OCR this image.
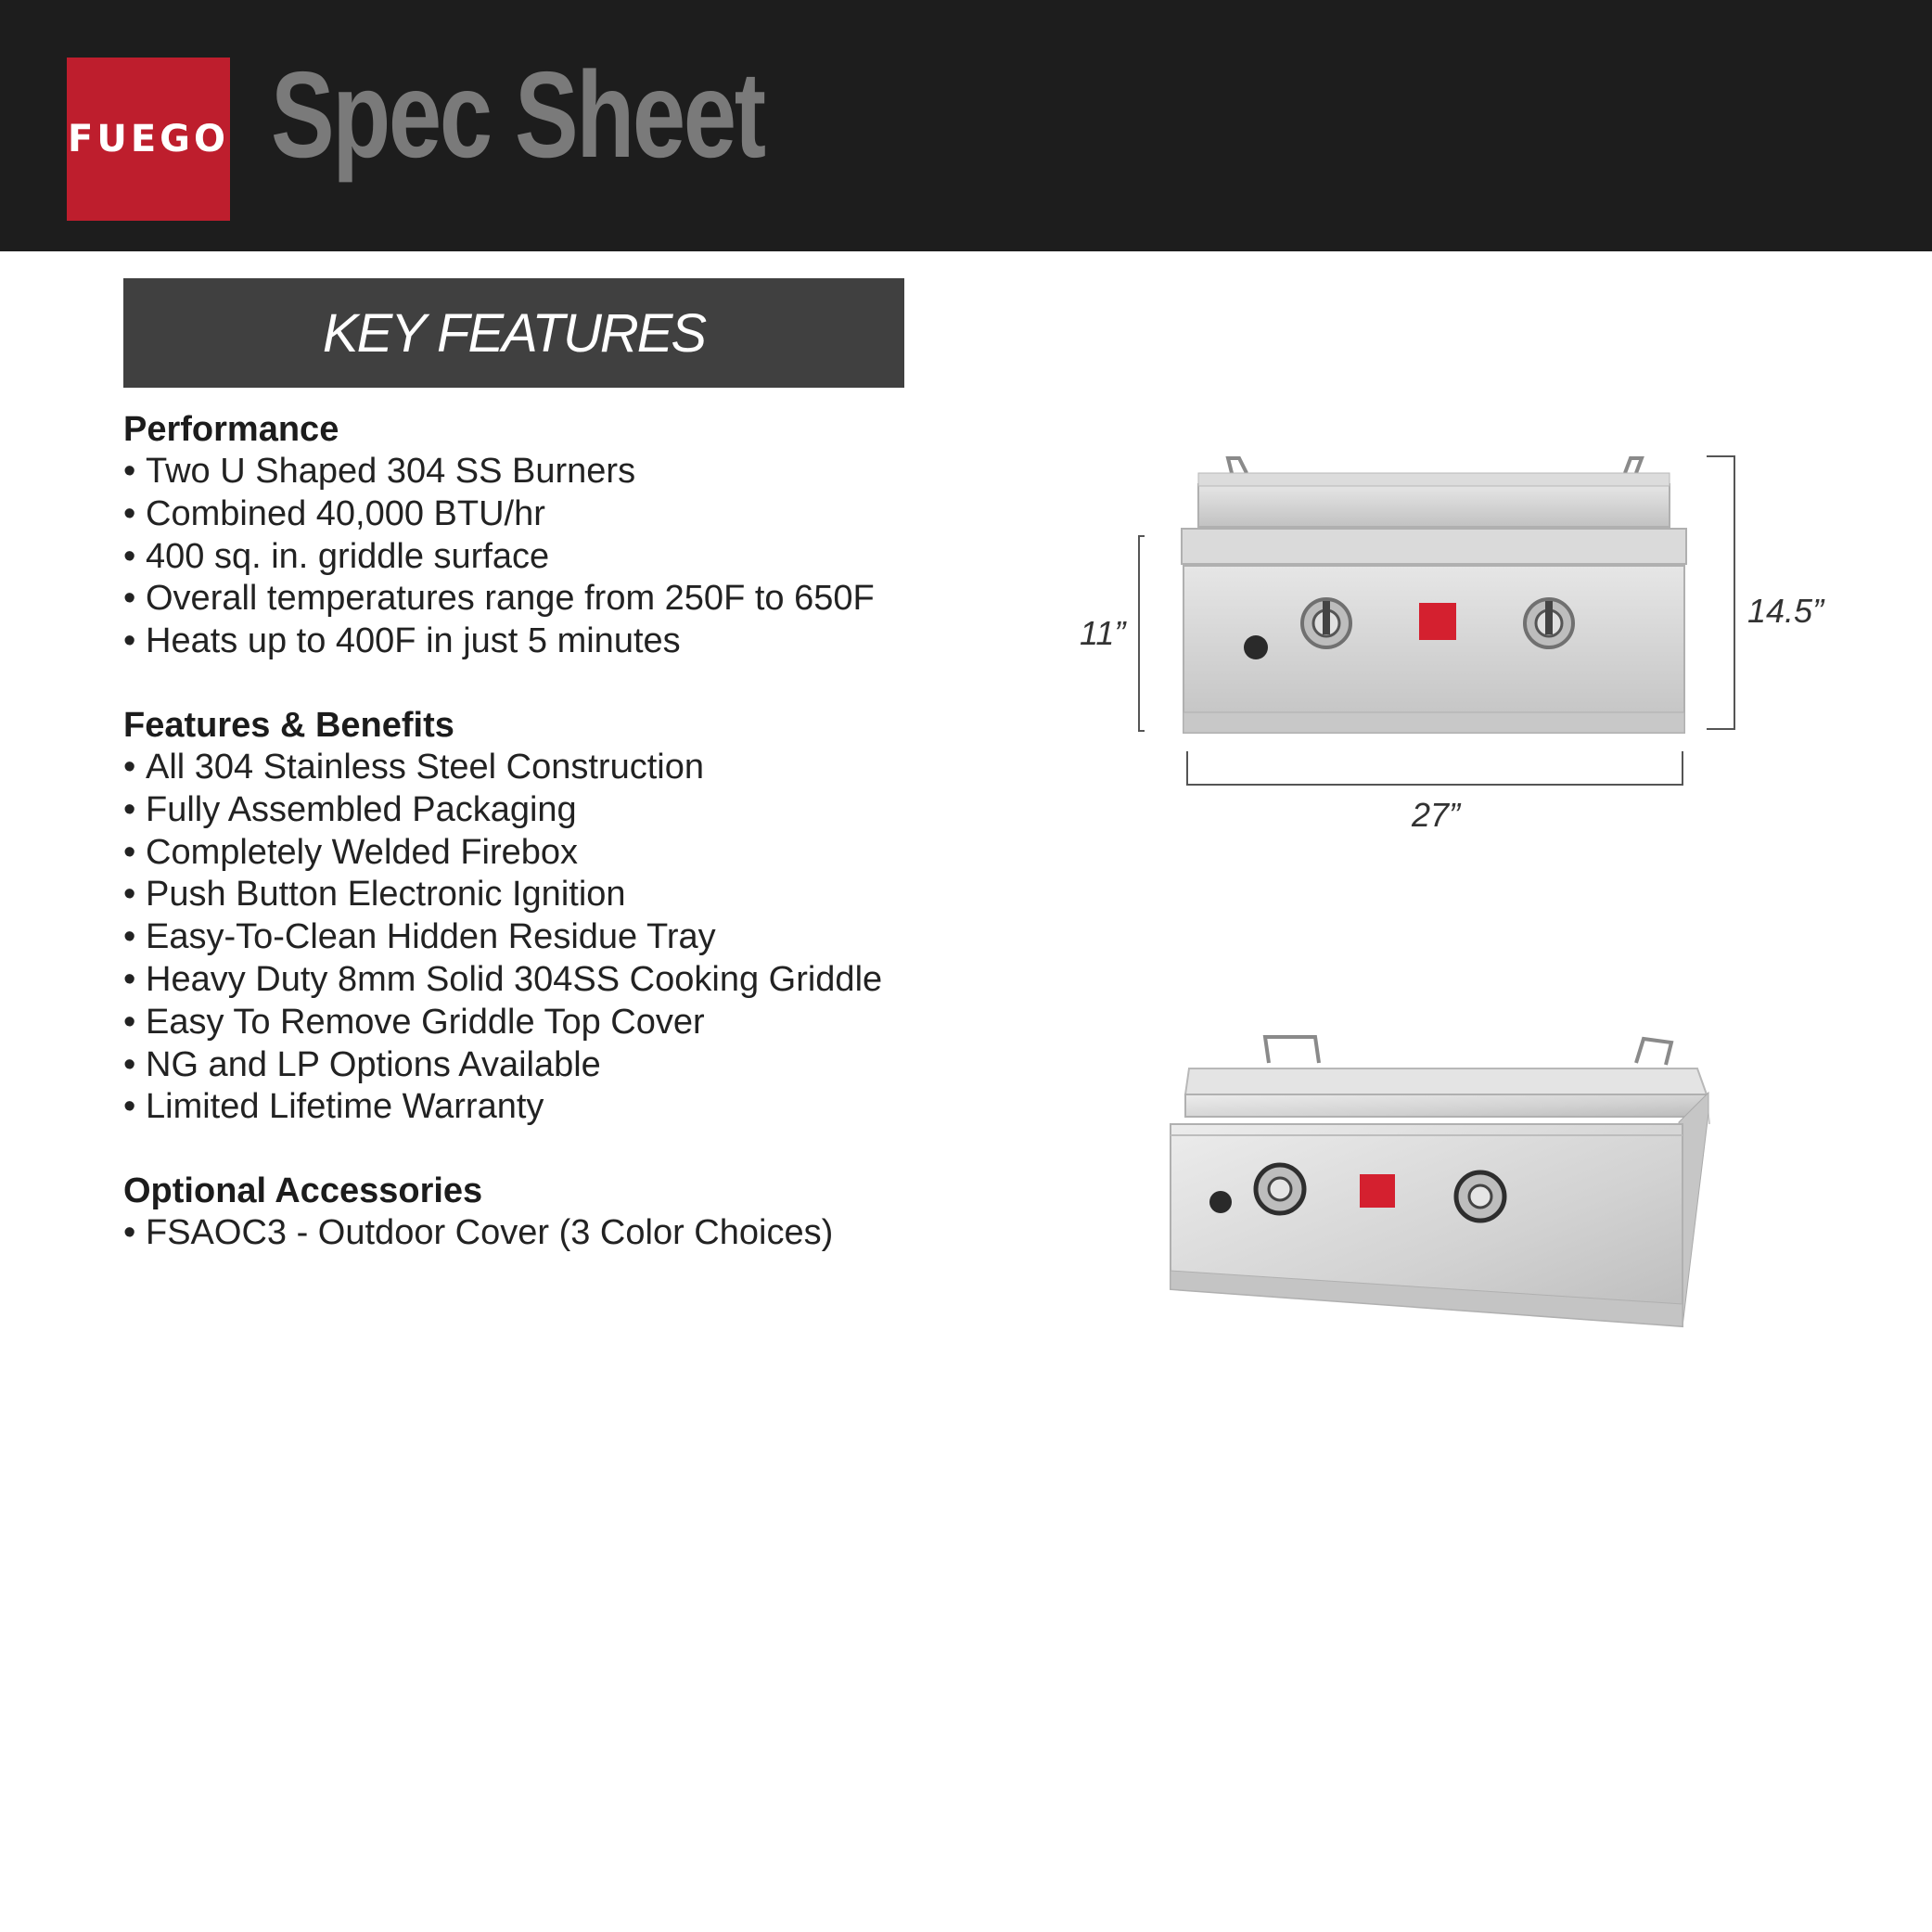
FUEGO Spec Sheet
KEY FEATURES
Performance
• Two U Shaped 304 SS Burners
• Combined 40,000 BTU/hr
• 400 sq. in. griddle surface
• Overall temperatures range from 250F to 650F
• Heats up to 400F in just 5 minutes
Features & Benefits
• All 304 Stainless Steel Construction
• Fully Assembled Packaging
• Completely Welded Firebox
• Push Button Electronic Ignition
• Easy-To-Clean Hidden Residue Tray
• Heavy Duty 8mm Solid 304SS Cooking Griddle
• Easy To Remove Griddle Top Cover
• NG and LP Options Available
• Limited Lifetime Warranty
Optional Accessories
• FSAOC3 - Outdoor Cover (3 Color Choices)
11”
14.5”
27”
